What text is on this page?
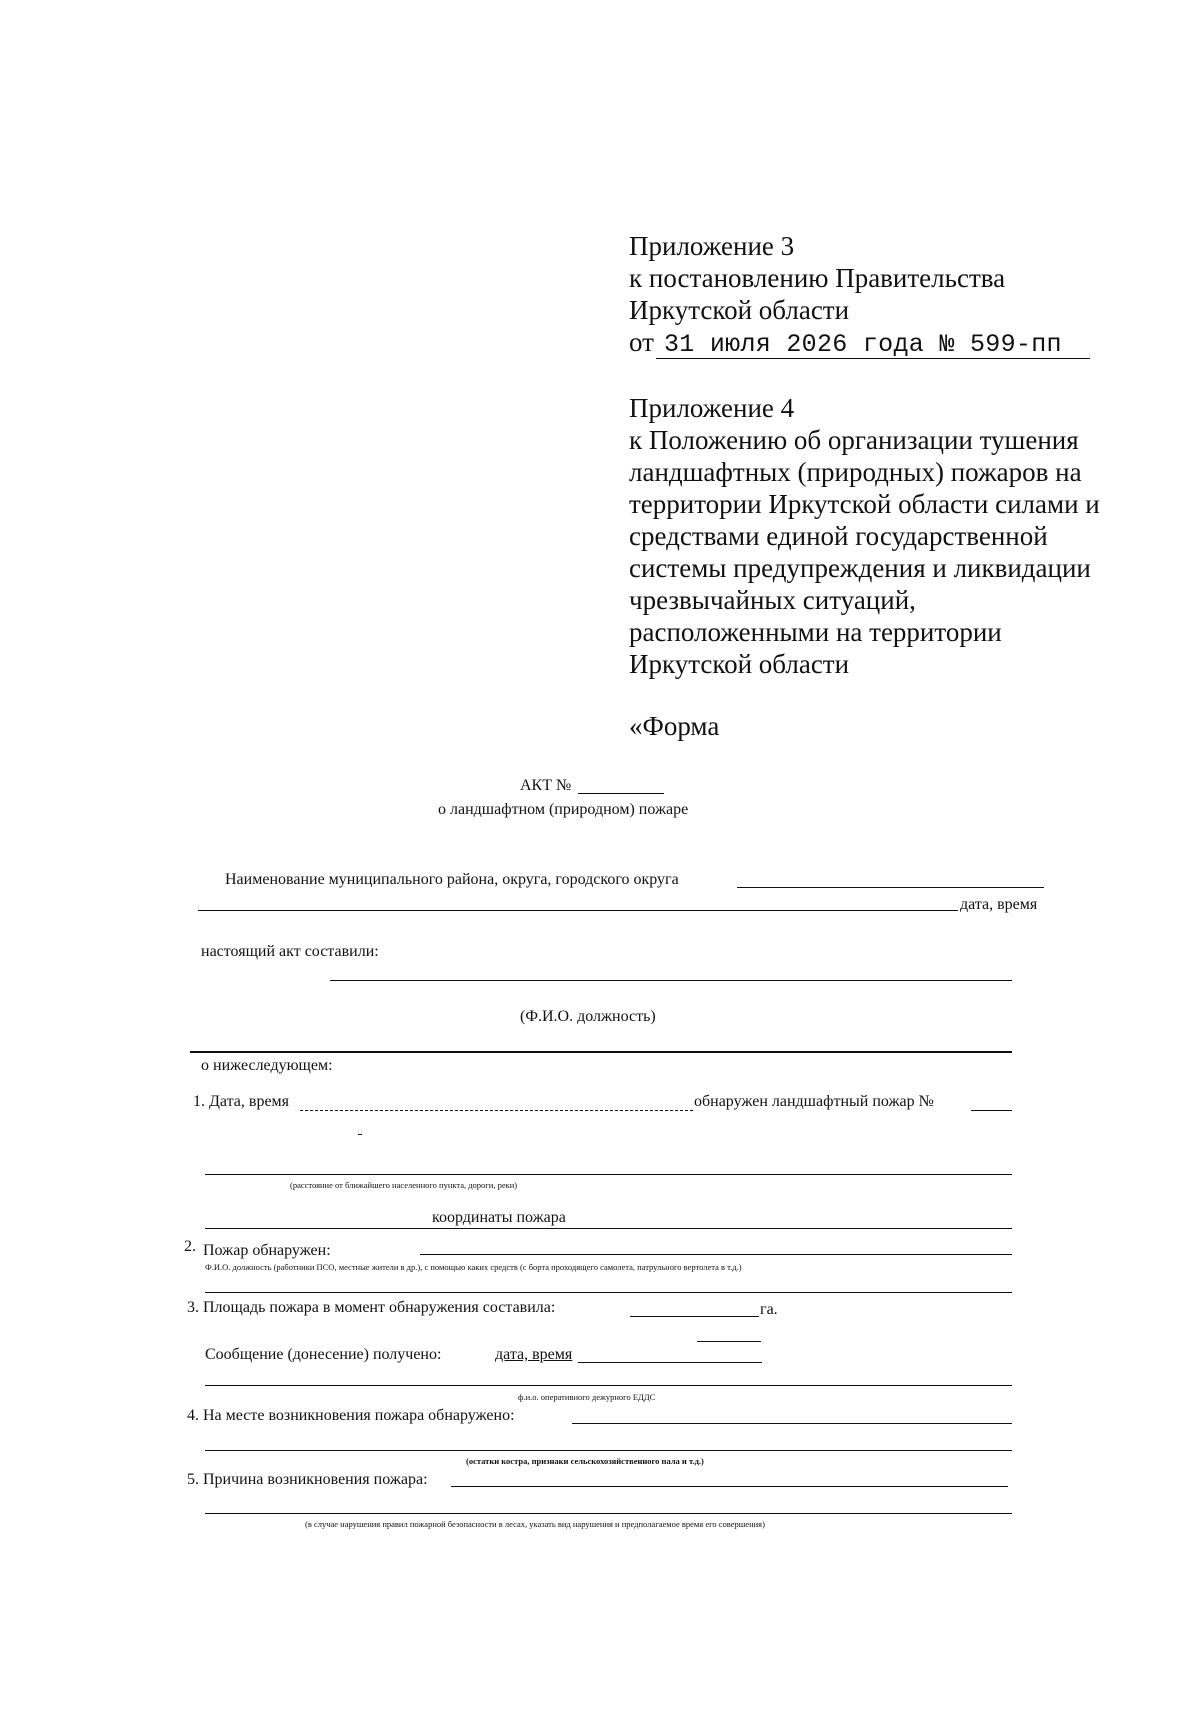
Приложение 3
к постановлению Правительства
Иркутской области
от 31 июля 2026 года № 599-пп
Приложение 4
к Положению об организации тушения
ландшафтных (природных) пожаров на
территории Иркутской области силами и
средствами единой государственной
системы предупреждения и ликвидации
чрезвычайных ситуаций,
расположенными на территории
Иркутской области
«Форма
АКТ №
о ландшафтном (природном) пожаре
Наименование муниципального района, округа, городского округа
дата, время
настоящий акт составили:
(Ф.И.О. должность)
о нижеследующем:
1. Дата, время	обнаружен ландшафтный пожар №
(расстояние от ближайшего населенного пункта, дороги, реки)
координаты пожара
2. Пожар обнаружен:
Ф.И.О. должность (работники ПСО, местные жители в др.), с помощью каких средств (с борта проходящего самолета, патрульного вертолета в т.д.)
3. Площадь пожара в момент обнаружения составила:	га.
Сообщение (донесение) получено:	дата, время
ф.и.о. оперативного дежурного ЕДДС
4. На месте возникновения пожара обнаружено:
(остатки костра, признаки сельскохозяйственного пала и т.д.)
5. Причина возникновения пожара:
(в случае нарушения правил пожарной безопасности в лесах, указать вид нарушения и предполагаемое время его совершения)
